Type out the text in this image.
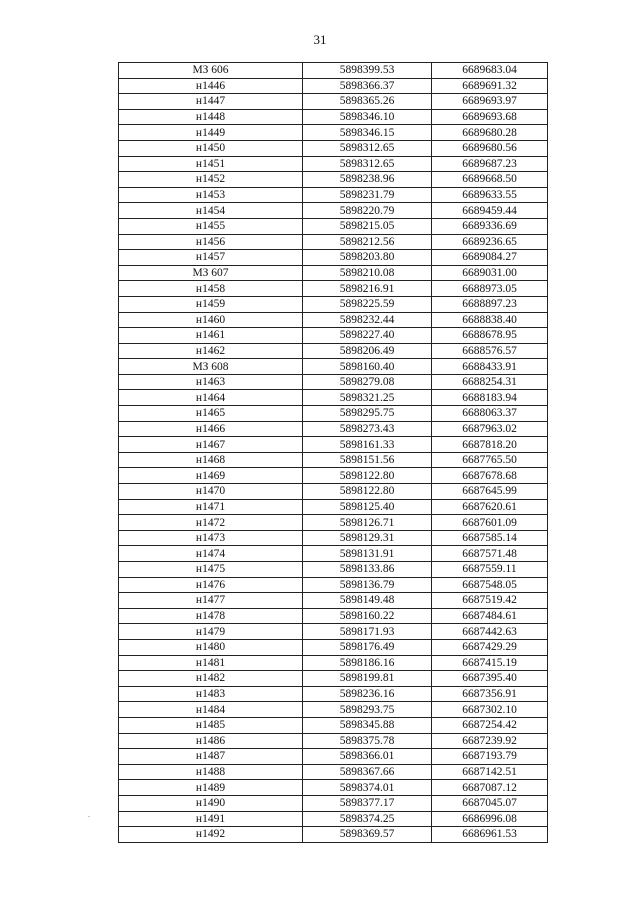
31
МЗ 606	5898399.53	6689683.04
н1446	5898366.37	6689691.32
н1447	5898365.26	6689693.97
н1448	5898346.10	6689693.68
н1449	5898346.15	6689680.28
н1450	5898312.65	6689680.56
н1451	5898312.65	6689687.23
н1452	5898238.96	6689668.50
н1453	5898231.79	6689633.55
н1454	5898220.79	6689459.44
н1455	5898215.05	6689336.69
н1456	5898212.56	6689236.65
н1457	5898203.80	6689084.27
МЗ 607	5898210.08	6689031.00
н1458	5898216.91	6688973.05
н1459	5898225.59	6688897.23
н1460	5898232.44	6688838.40
н1461	5898227.40	6688678.95
н1462	5898206.49	6688576.57
МЗ 608	5898160.40	6688433.91
н1463	5898279.08	6688254.31
н1464	5898321.25	6688183.94
н1465	5898295.75	6688063.37
н1466	5898273.43	6687963.02
н1467	5898161.33	6687818.20
н1468	5898151.56	6687765.50
н1469	5898122.80	6687678.68
н1470	5898122.80	6687645.99
н1471	5898125.40	6687620.61
н1472	5898126.71	6687601.09
н1473	5898129.31	6687585.14
н1474	5898131.91	6687571.48
н1475	5898133.86	6687559.11
н1476	5898136.79	6687548.05
н1477	5898149.48	6687519.42
н1478	5898160.22	6687484.61
н1479	5898171.93	6687442.63
н1480	5898176.49	6687429.29
н1481	5898186.16	6687415.19
н1482	5898199.81	6687395.40
н1483	5898236.16	6687356.91
н1484	5898293.75	6687302.10
н1485	5898345.88	6687254.42
н1486	5898375.78	6687239.92
н1487	5898366.01	6687193.79
н1488	5898367.66	6687142.51
н1489	5898374.01	6687087.12
н1490	5898377.17	6687045.07
н1491	5898374.25	6686996.08
н1492	5898369.57	6686961.53
